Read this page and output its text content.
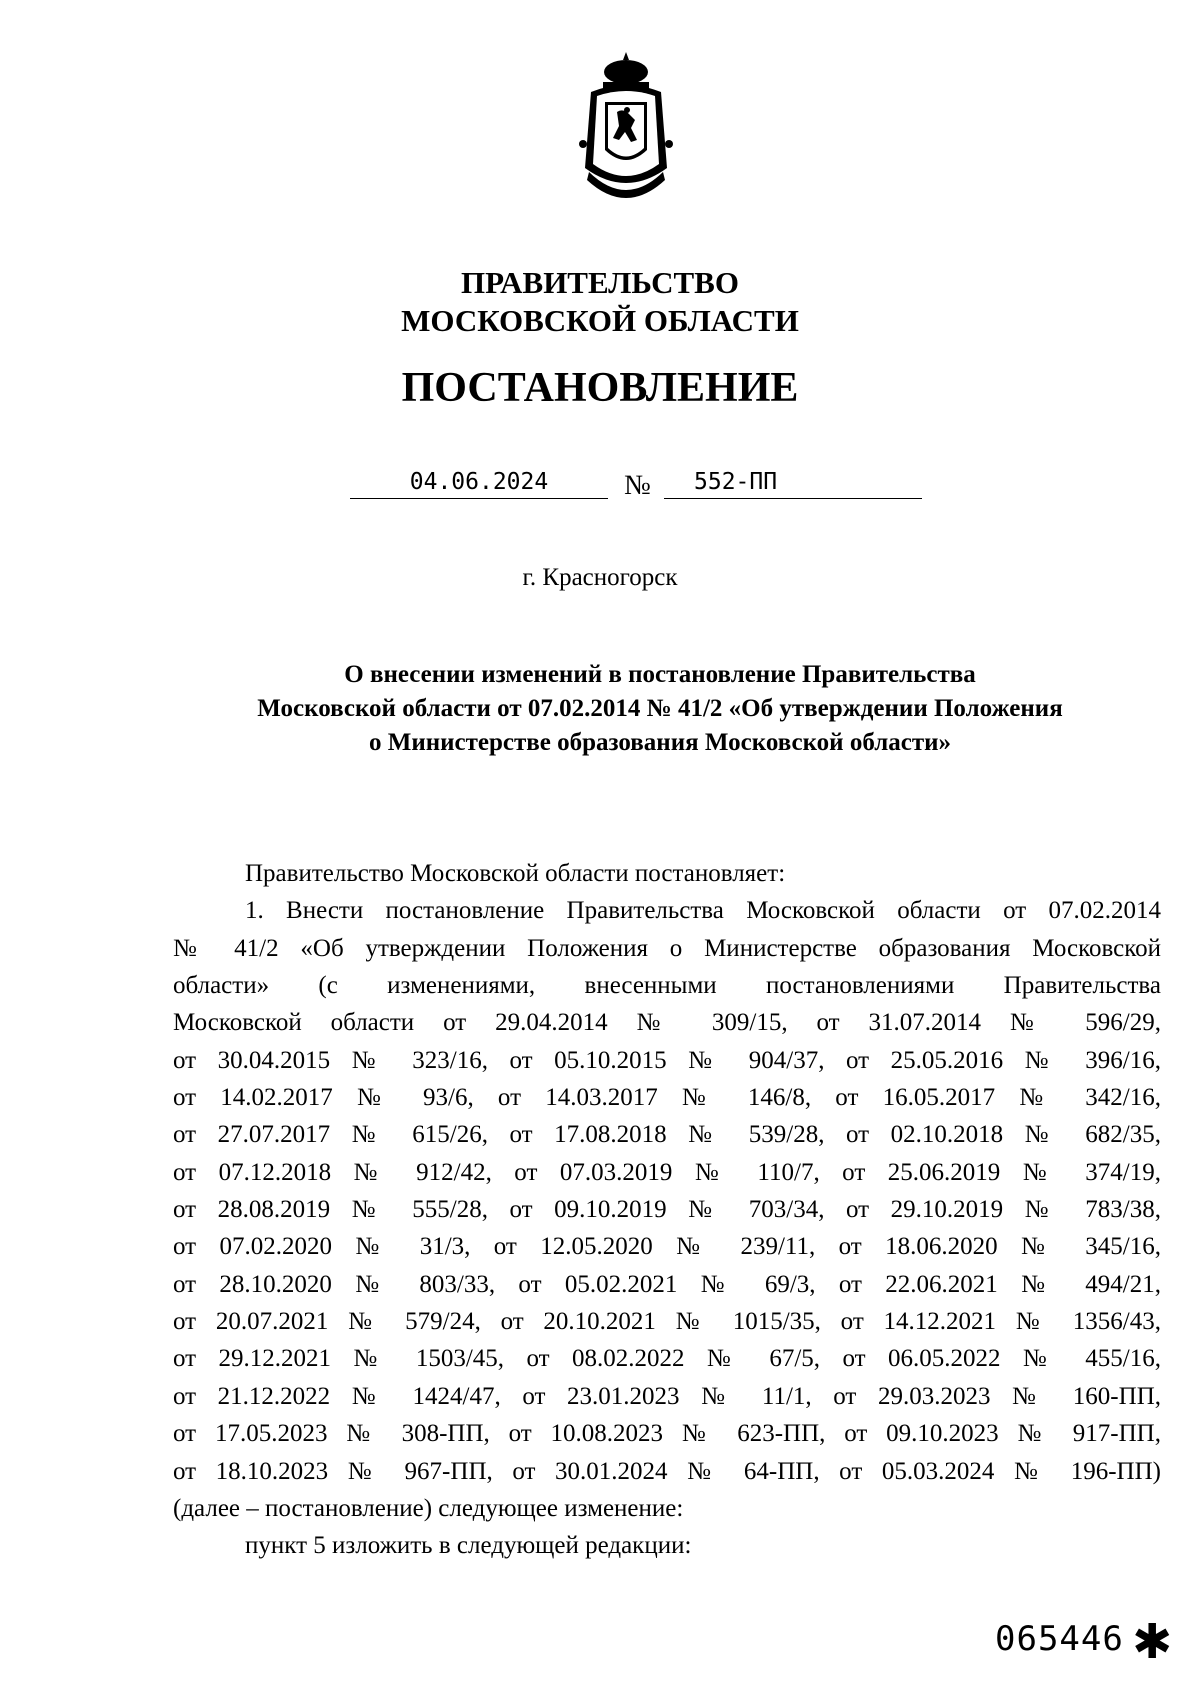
ПРАВИТЕЛЬСТВО
МОСКОВСКОЙ ОБЛАСТИ
ПОСТАНОВЛЕНИЕ
04.06.2024	№	552-ПП
г. Красногорск
О внесении изменений в постановление Правительства
Московской области от 07.02.2014 № 41/2 «Об утверждении Положения
о Министерстве образования Московской области»
Правительство Московской области постановляет:
1. Внести постановление Правительства Московской области от 07.02.2014
№ 41/2 «Об утверждении Положения о Министерстве образования Московской
области» (с изменениями, внесенными постановлениями Правительства
Московской области от 29.04.2014 № 309/15, от 31.07.2014 № 596/29,
от 30.04.2015 № 323/16, от 05.10.2015 № 904/37, от 25.05.2016 № 396/16,
от 14.02.2017 № 93/6, от 14.03.2017 № 146/8, от 16.05.2017 № 342/16,
от 27.07.2017 № 615/26, от 17.08.2018 № 539/28, от 02.10.2018 № 682/35,
от 07.12.2018 № 912/42, от 07.03.2019 № 110/7, от 25.06.2019 № 374/19,
от 28.08.2019 № 555/28, от 09.10.2019 № 703/34, от 29.10.2019 № 783/38,
от 07.02.2020 № 31/3, от 12.05.2020 № 239/11, от 18.06.2020 № 345/16,
от 28.10.2020 № 803/33, от 05.02.2021 № 69/3, от 22.06.2021 № 494/21,
от 20.07.2021 № 579/24, от 20.10.2021 № 1015/35, от 14.12.2021 № 1356/43,
от 29.12.2021 № 1503/45, от 08.02.2022 № 67/5, от 06.05.2022 № 455/16,
от 21.12.2022 № 1424/47, от 23.01.2023 № 11/1, от 29.03.2023 № 160-ПП,
от 17.05.2023 № 308-ПП, от 10.08.2023 № 623-ПП, от 09.10.2023 № 917-ПП,
от 18.10.2023 № 967-ПП, от 30.01.2024 № 64-ПП, от 05.03.2024 № 196-ПП)
(далее – постановление) следующее изменение:
пункт 5 изложить в следующей редакции:
065446 ✱
